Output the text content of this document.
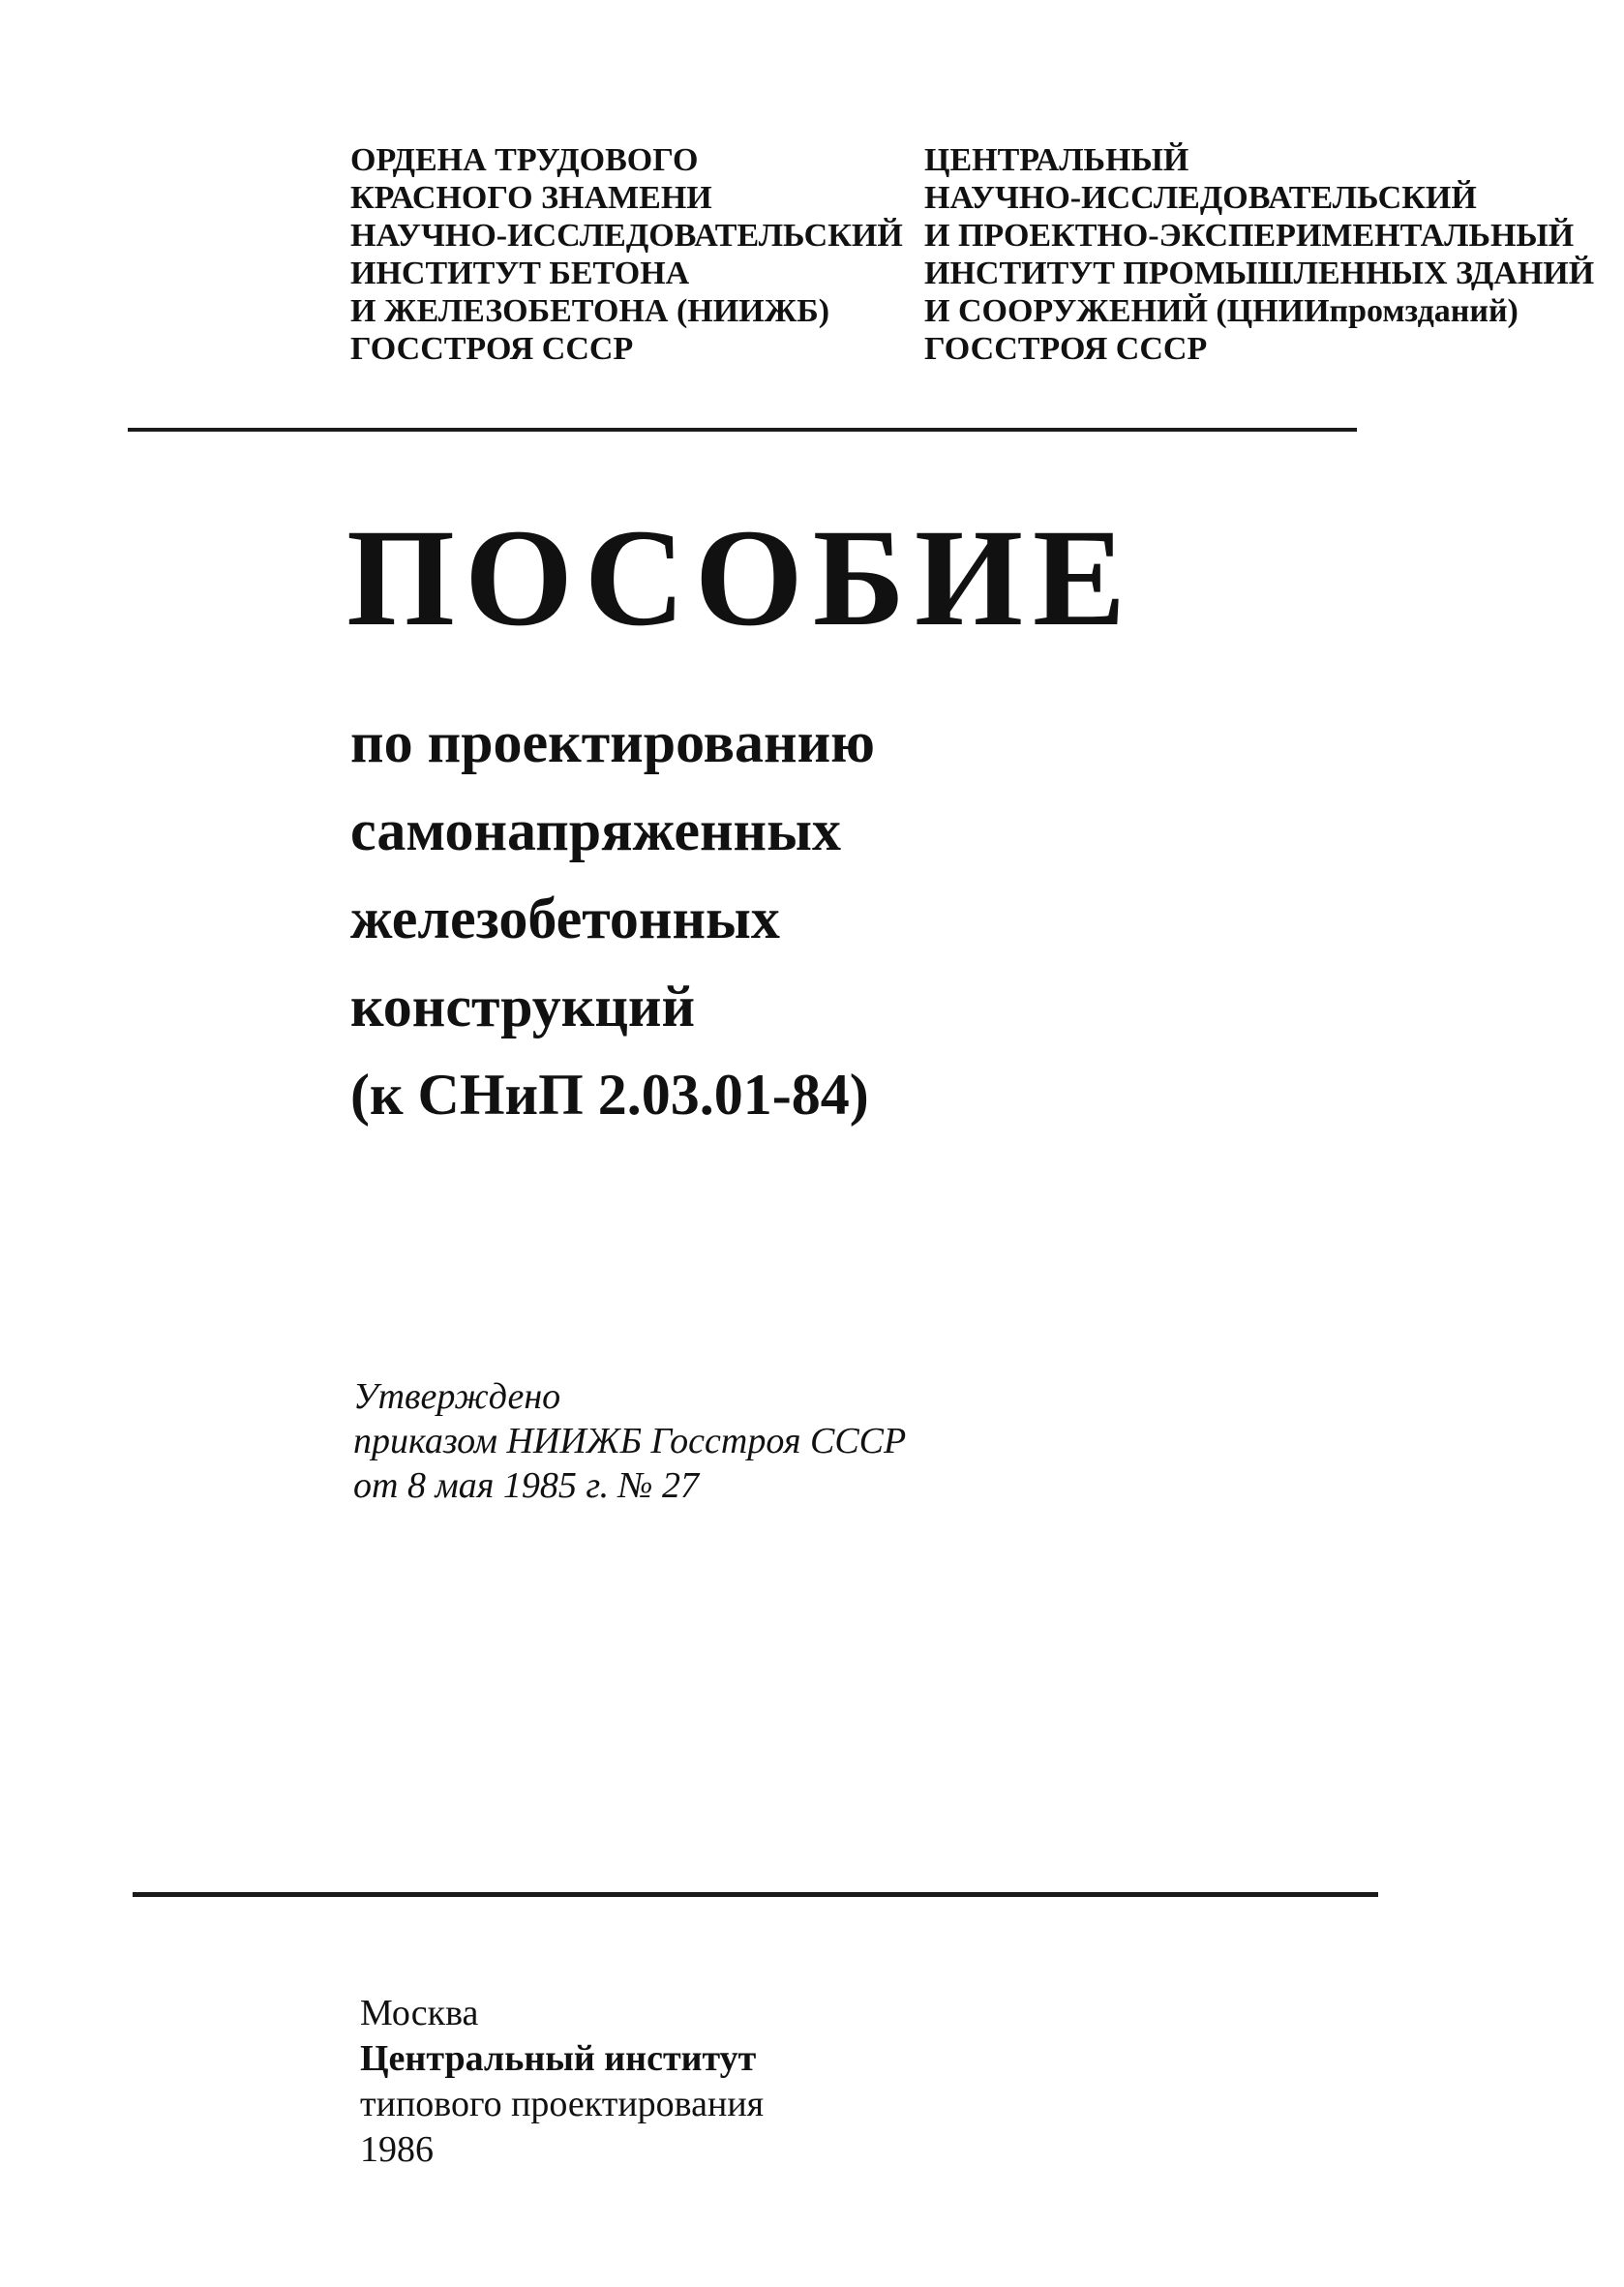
ОРДЕНА ТРУДОВОГО
КРАСНОГО ЗНАМЕНИ
НАУЧНО-ИССЛЕДОВАТЕЛЬСКИЙ
ИНСТИТУТ БЕТОНА
И ЖЕЛЕЗОБЕТОНА (НИИЖБ)
ГОССТРОЯ СССР
ЦЕНТРАЛЬНЫЙ
НАУЧНО-ИССЛЕДОВАТЕЛЬСКИЙ
И ПРОЕКТНО-ЭКСПЕРИМЕНТАЛЬНЫЙ
ИНСТИТУТ ПРОМЫШЛЕННЫХ ЗДАНИЙ
И СООРУЖЕНИЙ (ЦНИИпромзданий)
ГОССТРОЯ СССР
ПОСОБИЕ
по проектированию
самонапряженных
железобетонных
конструкций
(к СНиП 2.03.01-84)
Утверждено
приказом НИИЖБ Госстроя СССР
от 8 мая 1985 г. № 27
Москва
Центральный институт
типового проектирования
1986
